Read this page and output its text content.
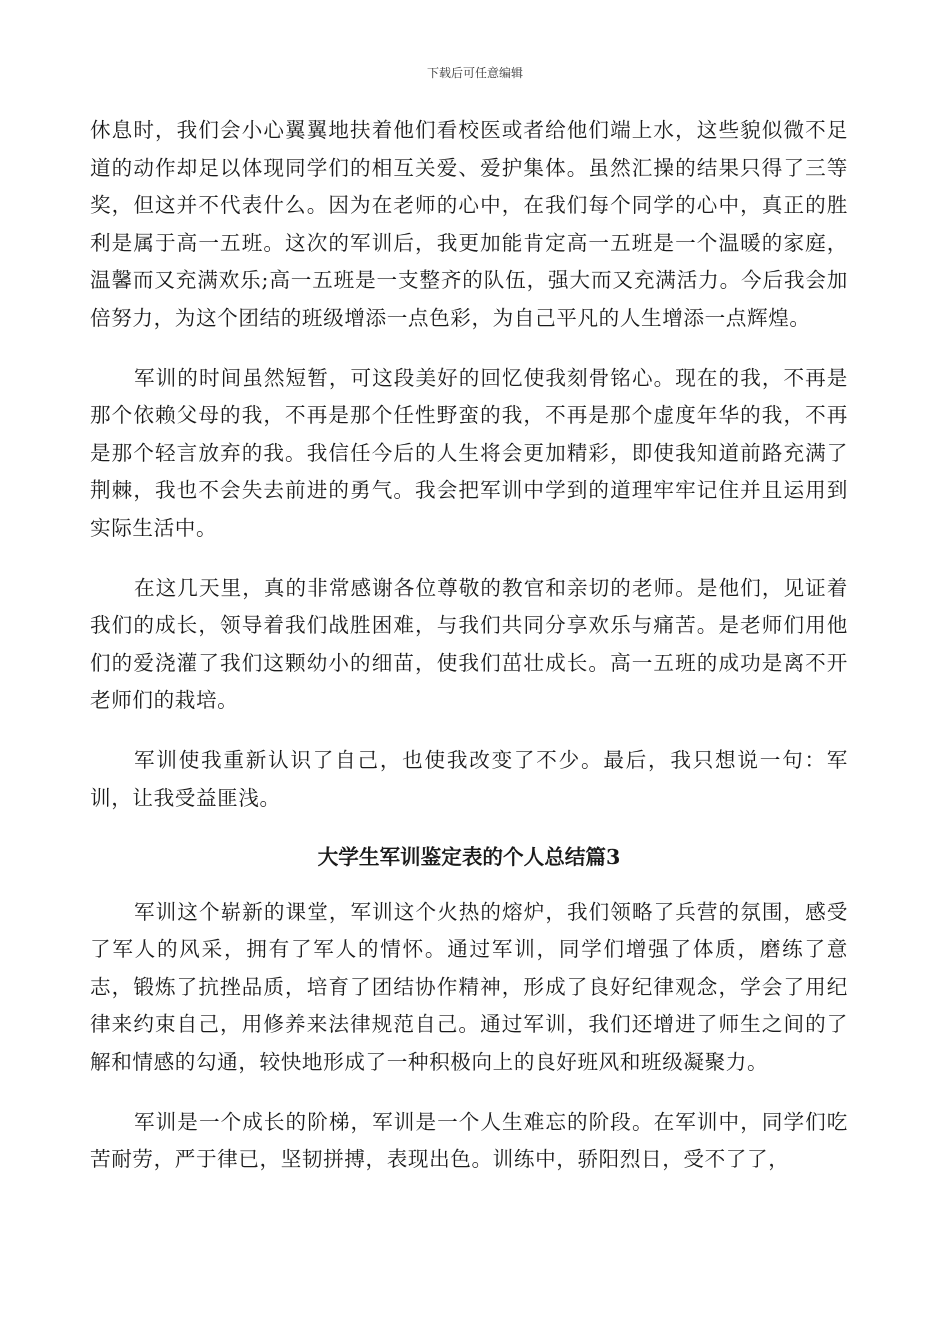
下载后可任意编辑

休息时，我们会小心翼翼地扶着他们看校医或者给他们端上水，这些貌似微不足道的动作却足以体现同学们的相互关爱、爱护集体。虽然汇操的结果只得了三等奖，但这并不代表什么。因为在老师的心中，在我们每个同学的心中，真正的胜利是属于高一五班。这次的军训后，我更加能肯定高一五班是一个温暖的家庭，温馨而又充满欢乐;高一五班是一支整齐的队伍，强大而又充满活力。今后我会加倍努力，为这个团结的班级增添一点色彩，为自己平凡的人生增添一点辉煌。

军训的时间虽然短暂，可这段美好的回忆使我刻骨铭心。现在的我，不再是那个依赖父母的我，不再是那个任性野蛮的我，不再是那个虚度年华的我，不再是那个轻言放弃的我。我信任今后的人生将会更加精彩，即使我知道前路充满了荆棘，我也不会失去前进的勇气。我会把军训中学到的道理牢牢记住并且运用到实际生活中。

在这几天里，真的非常感谢各位尊敬的教官和亲切的老师。是他们，见证着我们的成长，领导着我们战胜困难，与我们共同分享欢乐与痛苦。是老师们用他们的爱浇灌了我们这颗幼小的细苗，使我们茁壮成长。高一五班的成功是离不开老师们的栽培。

军训使我重新认识了自己，也使我改变了不少。最后，我只想说一句：军训，让我受益匪浅。

大学生军训鉴定表的个人总结篇3

军训这个崭新的课堂，军训这个火热的熔炉，我们领略了兵营的氛围，感受了军人的风采，拥有了军人的情怀。通过军训，同学们增强了体质，磨练了意志，锻炼了抗挫品质，培育了团结协作精神，形成了良好纪律观念，学会了用纪律来约束自己，用修养来法律规范自己。通过军训，我们还增进了师生之间的了解和情感的勾通，较快地形成了一种积极向上的良好班风和班级凝聚力。

军训是一个成长的阶梯，军训是一个人生难忘的阶段。在军训中，同学们吃苦耐劳，严于律已，坚韧拼搏，表现出色。训练中，骄阳烈日，受不了了，
